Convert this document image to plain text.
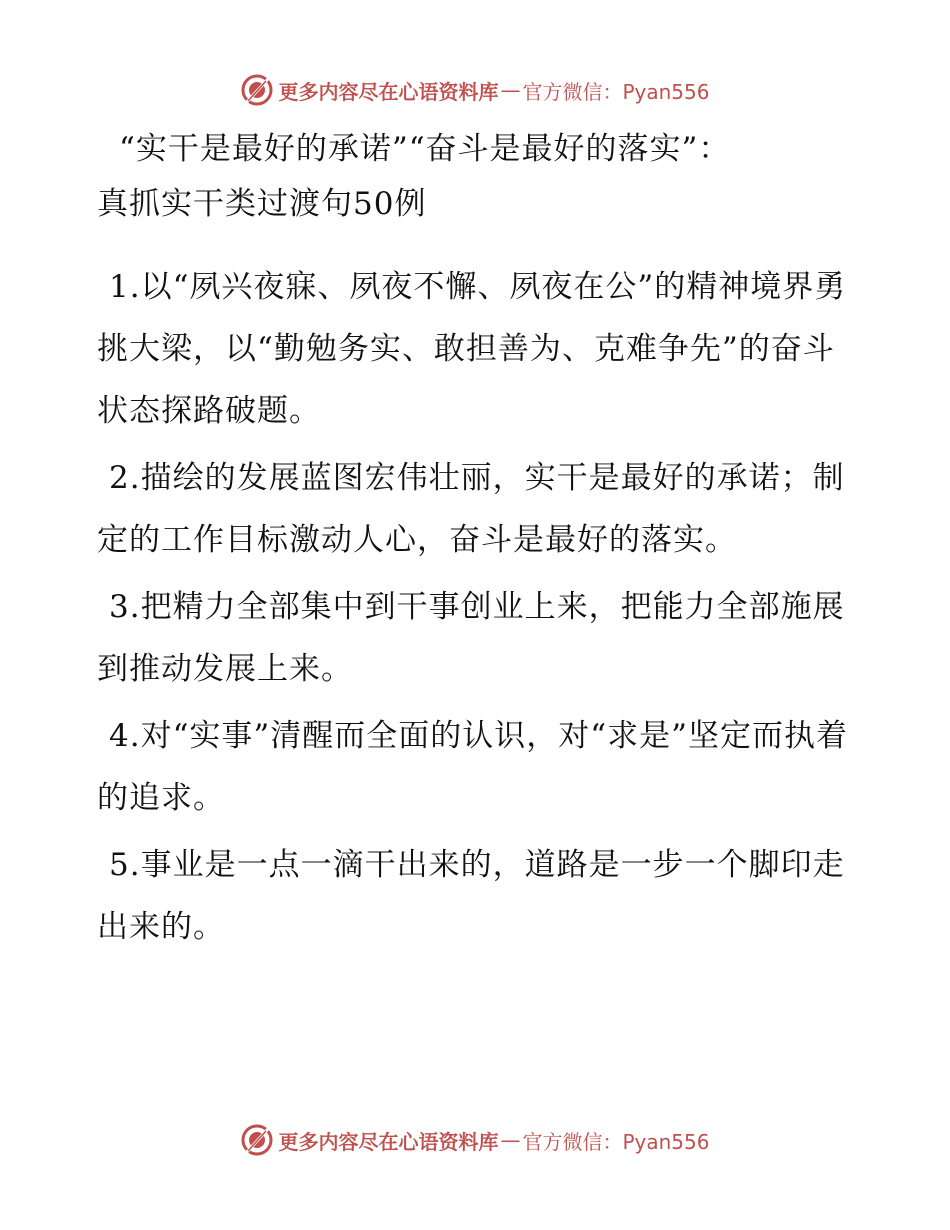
更多内容尽在心语资料库 — 官方微信：Pyan556
“实干是最好的承诺”“奋斗是最好的落实”：
真抓实干类过渡句50例

1.以“夙兴夜寐、夙夜不懈、夙夜在公”的精神境界勇挑大梁，以“勤勉务实、敢担善为、克难争先”的奋斗状态探路破题。

2.描绘的发展蓝图宏伟壮丽，实干是最好的承诺；制定的工作目标激动人心，奋斗是最好的落实。

3.把精力全部集中到干事创业上来，把能力全部施展到推动发展上来。

4.对“实事”清醒而全面的认识，对“求是”坚定而执着的追求。

5.事业是一点一滴干出来的，道路是一步一个脚印走出来的。

更多内容尽在心语资料库 — 官方微信：Pyan556
